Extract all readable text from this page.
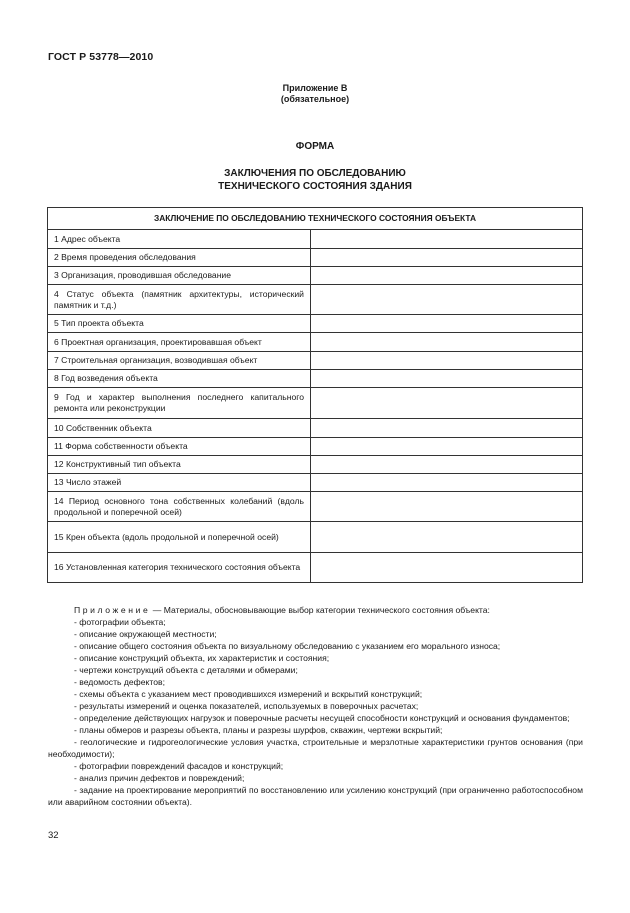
ГОСТ Р 53778—2010
Приложение В
(обязательное)
ФОРМА
ЗАКЛЮЧЕНИЯ ПО ОБСЛЕДОВАНИЮ
ТЕХНИЧЕСКОГО СОСТОЯНИЯ ЗДАНИЯ
ЗАКЛЮЧЕНИЕ ПО ОБСЛЕДОВАНИЮ ТЕХНИЧЕСКОГО СОСТОЯНИЯ ОБЪЕКТА	
1 Адрес объекта	
2 Время проведения обследования	
3 Организация, проводившая обследование	
4 Статус объекта (памятник архитектуры, исторический памятник и т.д.)	
5 Тип проекта объекта	
6 Проектная организация, проектировавшая объект	
7 Строительная организация, возводившая объект	
8 Год возведения объекта	
9 Год и характер выполнения последнего капитального ремонта или реконструкции	
10 Собственник объекта	
11 Форма собственности объекта	
12 Конструктивный тип объекта	
13 Число этажей	
14 Период основного тона собственных колебаний (вдоль продольной и поперечной осей)	
15 Крен объекта (вдоль продольной и поперечной осей)	
16 Установленная категория технического состояния объекта	

Приложение — Материалы, обосновывающие выбор категории технического состояния объекта:

- фотографии объекта;

- описание окружающей местности;

- описание общего состояния объекта по визуальному обследованию с указанием его морального износа;

- описание конструкций объекта, их характеристик и состояния;

- чертежи конструкций объекта с деталями и обмерами;

- ведомость дефектов;

- схемы объекта с указанием мест проводившихся измерений и вскрытий конструкций;

- результаты измерений и оценка показателей, используемых в поверочных расчетах;

- определение действующих нагрузок и поверочные расчеты несущей способности конструкций и основания фундаментов;

- планы обмеров и разрезы объекта, планы и разрезы шурфов, скважин, чертежи вскрытий;

- геологические и гидрогеологические условия участка, строительные и мерзлотные характеристики грунтов основания (при необходимости);

- фотографии повреждений фасадов и конструкций;

- анализ причин дефектов и повреждений;

- задание на проектирование мероприятий по восстановлению или усилению конструкций (при ограниченно работоспособном или аварийном состоянии объекта).

32
